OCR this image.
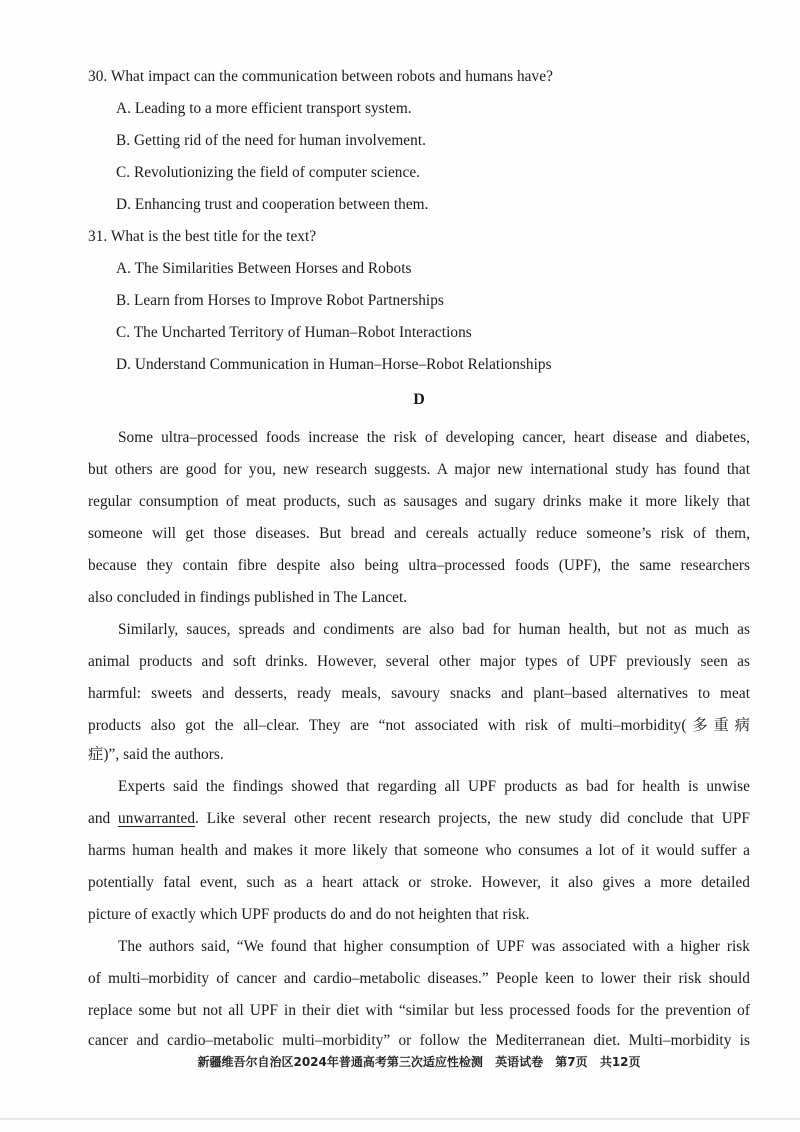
30. What impact can the communication between robots and humans have?
A. Leading to a more efficient transport system.
B. Getting rid of the need for human involvement.
C. Revolutionizing the field of computer science.
D. Enhancing trust and cooperation between them.
31. What is the best title for the text?
A. The Similarities Between Horses and Robots
B. Learn from Horses to Improve Robot Partnerships
C. The Uncharted Territory of Human–Robot Interactions
D. Understand Communication in Human–Horse–Robot Relationships
D
Some ultra–processed foods increase the risk of developing cancer, heart disease and diabetes,
but others are good for you, new research suggests. A major new international study has found that
regular consumption of meat products, such as sausages and sugary drinks make it more likely that
someone will get those diseases. But bread and cereals actually reduce someone’s risk of them,
because they contain fibre despite also being ultra–processed foods (UPF), the same researchers
also concluded in findings published in The Lancet.
Similarly, sauces, spreads and condiments are also bad for human health, but not as much as
animal products and soft drinks. However, several other major types of UPF previously seen as
harmful: sweets and desserts, ready meals, savoury snacks and plant–based alternatives to meat
products also got the all–clear. They are “not associated with risk of multi–morbidity(多重病
症)”, said the authors.
Experts said the findings showed that regarding all UPF products as bad for health is unwise
and unwarranted. Like several other recent research projects, the new study did conclude that UPF
harms human health and makes it more likely that someone who consumes a lot of it would suffer a
potentially fatal event, such as a heart attack or stroke. However, it also gives a more detailed
picture of exactly which UPF products do and do not heighten that risk.
The authors said, “We found that higher consumption of UPF was associated with a higher risk
of multi–morbidity of cancer and cardio–metabolic diseases.” People keen to lower their risk should
replace some but not all UPF in their diet with “similar but less processed foods for the prevention of
cancer and cardio–metabolic multi–morbidity” or follow the Mediterranean diet. Multi–morbidity is
新疆维吾尔自治区2024年普通高考第三次适应性检测 英语试卷 第7页 共12页
